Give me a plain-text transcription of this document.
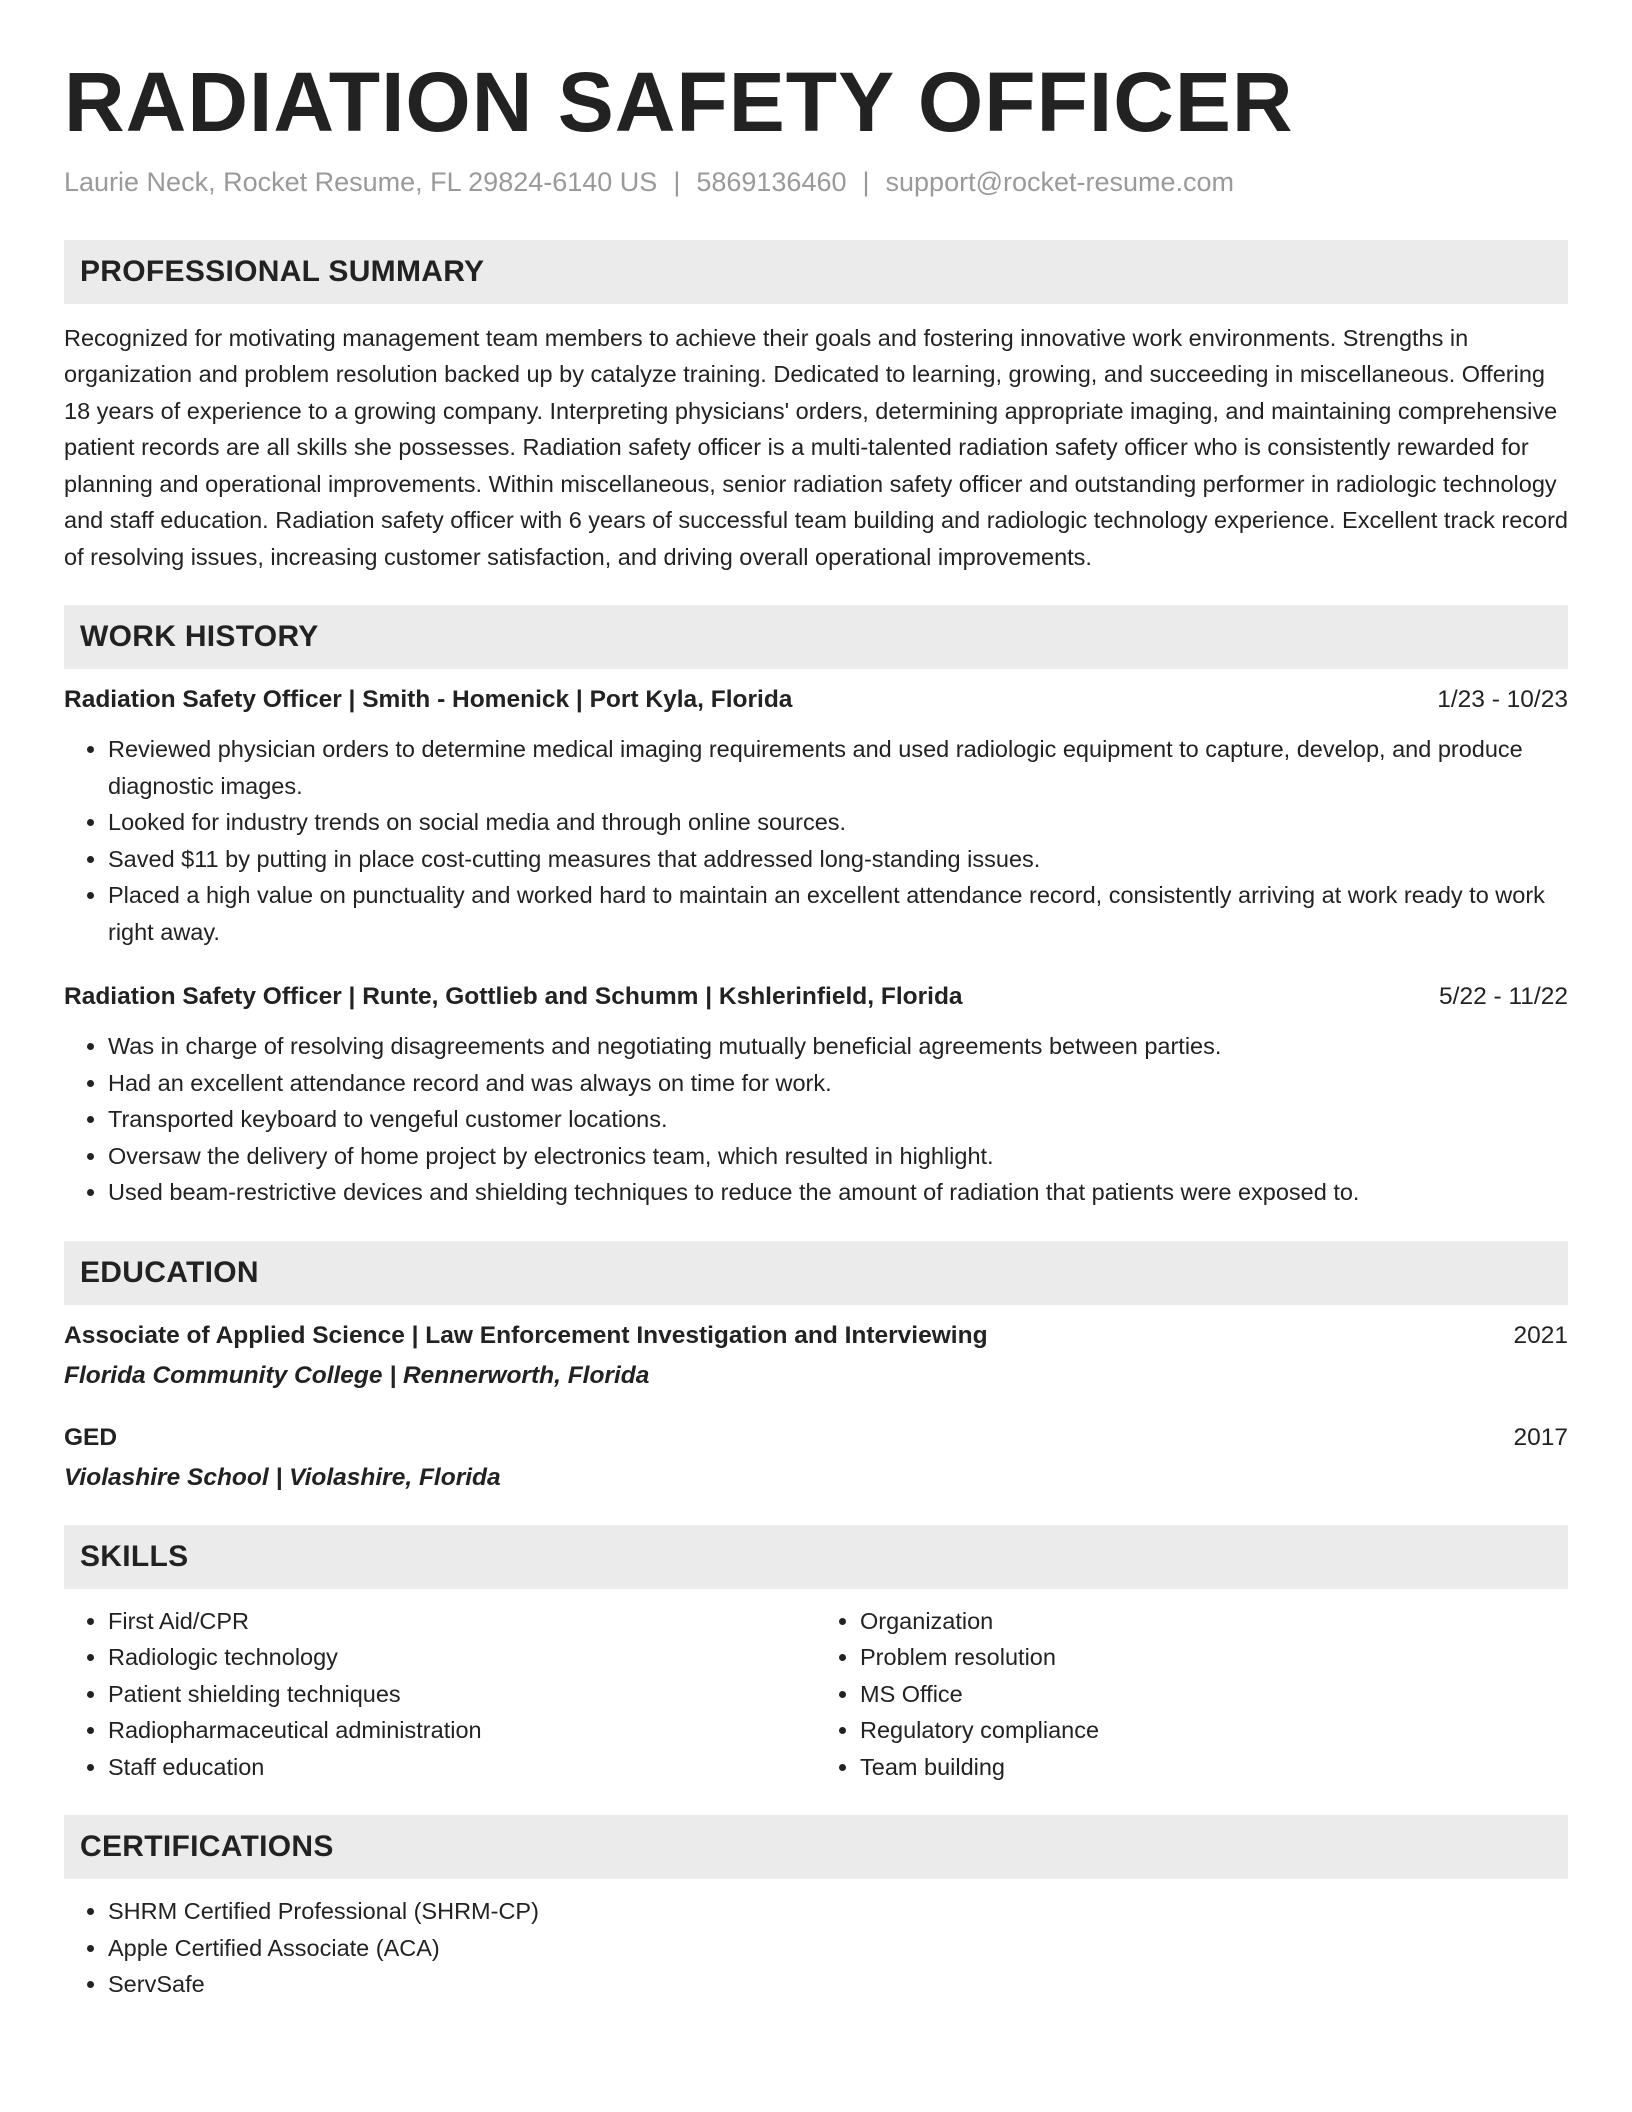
RADIATION SAFETY OFFICER
Laurie Neck, Rocket Resume, FL 29824-6140 US | 5869136460 | support@rocket-resume.com
PROFESSIONAL SUMMARY

Recognized for motivating management team members to achieve their goals and fostering innovative work environments. Strengths in organization and problem resolution backed up by catalyze training. Dedicated to learning, growing, and succeeding in miscellaneous. Offering 18 years of experience to a growing company. Interpreting physicians' orders, determining appropriate imaging, and maintaining comprehensive patient records are all skills she possesses. Radiation safety officer is a multi-talented radiation safety officer who is consistently rewarded for planning and operational improvements. Within miscellaneous, senior radiation safety officer and outstanding performer in radiologic technology and staff education. Radiation safety officer with 6 years of successful team building and radiologic technology experience. Excellent track record of resolving issues, increasing customer satisfaction, and driving overall operational improvements.

WORK HISTORY
Radiation Safety Officer | Smith - Homenick | Port Kyla, Florida	1/23 - 10/23
• Reviewed physician orders to determine medical imaging requirements and used radiologic equipment to capture, develop, and produce diagnostic images.
• Looked for industry trends on social media and through online sources.
• Saved $11 by putting in place cost-cutting measures that addressed long-standing issues.
• Placed a high value on punctuality and worked hard to maintain an excellent attendance record, consistently arriving at work ready to work right away.
Radiation Safety Officer | Runte, Gottlieb and Schumm | Kshlerinfield, Florida	5/22 - 11/22
• Was in charge of resolving disagreements and negotiating mutually beneficial agreements between parties.
• Had an excellent attendance record and was always on time for work.
• Transported keyboard to vengeful customer locations.
• Oversaw the delivery of home project by electronics team, which resulted in highlight.
• Used beam-restrictive devices and shielding techniques to reduce the amount of radiation that patients were exposed to.
EDUCATION
Associate of Applied Science | Law Enforcement Investigation and Interviewing	2021
Florida Community College | Rennerworth, Florida
GED	2017
Violashire School | Violashire, Florida
SKILLS
• First Aid/CPR
• Radiologic technology
• Patient shielding techniques
• Radiopharmaceutical administration
• Staff education
• Organization
• Problem resolution
• MS Office
• Regulatory compliance
• Team building
CERTIFICATIONS
• SHRM Certified Professional (SHRM-CP)
• Apple Certified Associate (ACA)
• ServSafe
